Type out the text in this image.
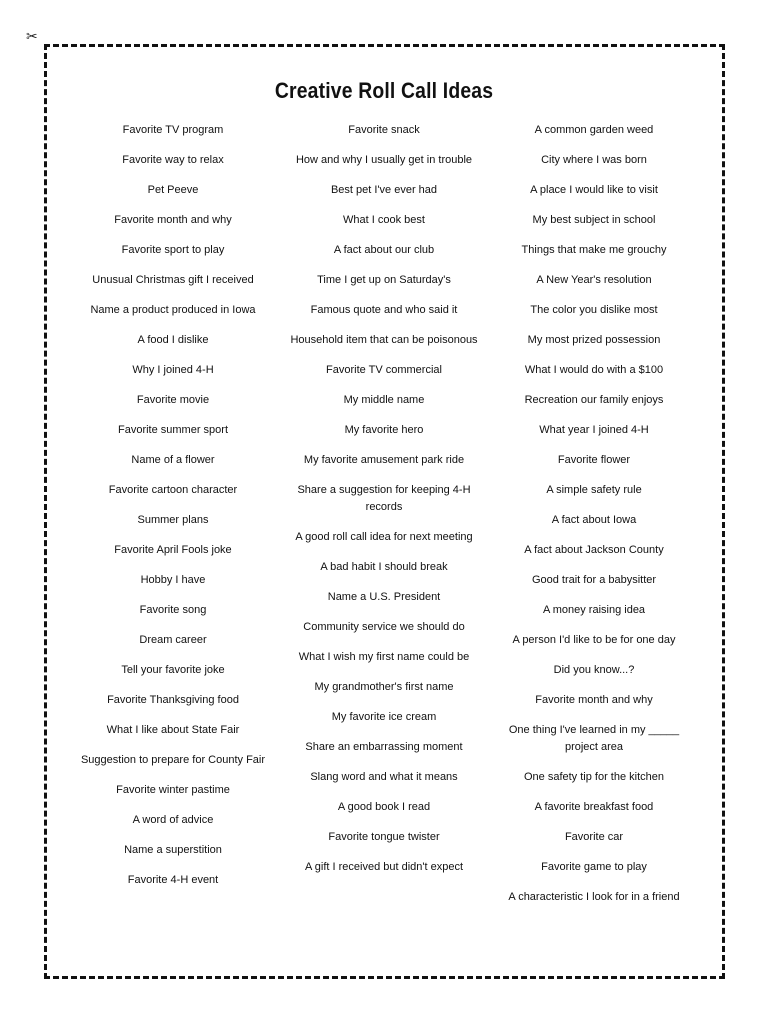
✂
Creative Roll Call Ideas
Favorite TV program
Favorite way to relax
Pet Peeve
Favorite month and why
Favorite sport to play
Unusual Christmas gift I received
Name a product produced in Iowa
A food I dislike
Why I joined 4-H
Favorite movie
Favorite summer sport
Name of a flower
Favorite cartoon character
Summer plans
Favorite April Fools joke
Hobby I have
Favorite song
Dream career
Tell your favorite joke
Favorite Thanksgiving food
What I like about State Fair
Suggestion to prepare for County Fair
Favorite winter pastime
A word of advice
Name a superstition
Favorite 4-H event
Favorite snack
How and why I usually get in trouble
Best pet I've ever had
What I cook best
A fact about our club
Time I get up on Saturday's
Famous quote and who said it
Household item that can be poisonous
Favorite TV commercial
My middle name
My favorite hero
My favorite amusement park ride
Share a suggestion for keeping 4-H records
A good roll call idea for next meeting
A bad habit I should break
Name a U.S. President
Community service we should do
What I wish my first name could be
My grandmother's first name
My favorite ice cream
Share an embarrassing moment
Slang word and what it means
A good book I read
Favorite tongue twister
A gift I received but didn't expect
A common garden weed
City where I was born
A place I would like to visit
My best subject in school
Things that make me grouchy
A New Year's resolution
The color you dislike most
My most prized possession
What I would do with a $100
Recreation our family enjoys
What year I joined 4-H
Favorite flower
A simple safety rule
A fact about Iowa
A fact about Jackson County
Good trait for a babysitter
A money raising idea
A person I'd like to be for one day
Did you know...?
Favorite month and why
One thing I've learned in my _____ project area
One safety tip for the kitchen
A favorite breakfast food
Favorite car
Favorite game to play
A characteristic I look for in a friend
